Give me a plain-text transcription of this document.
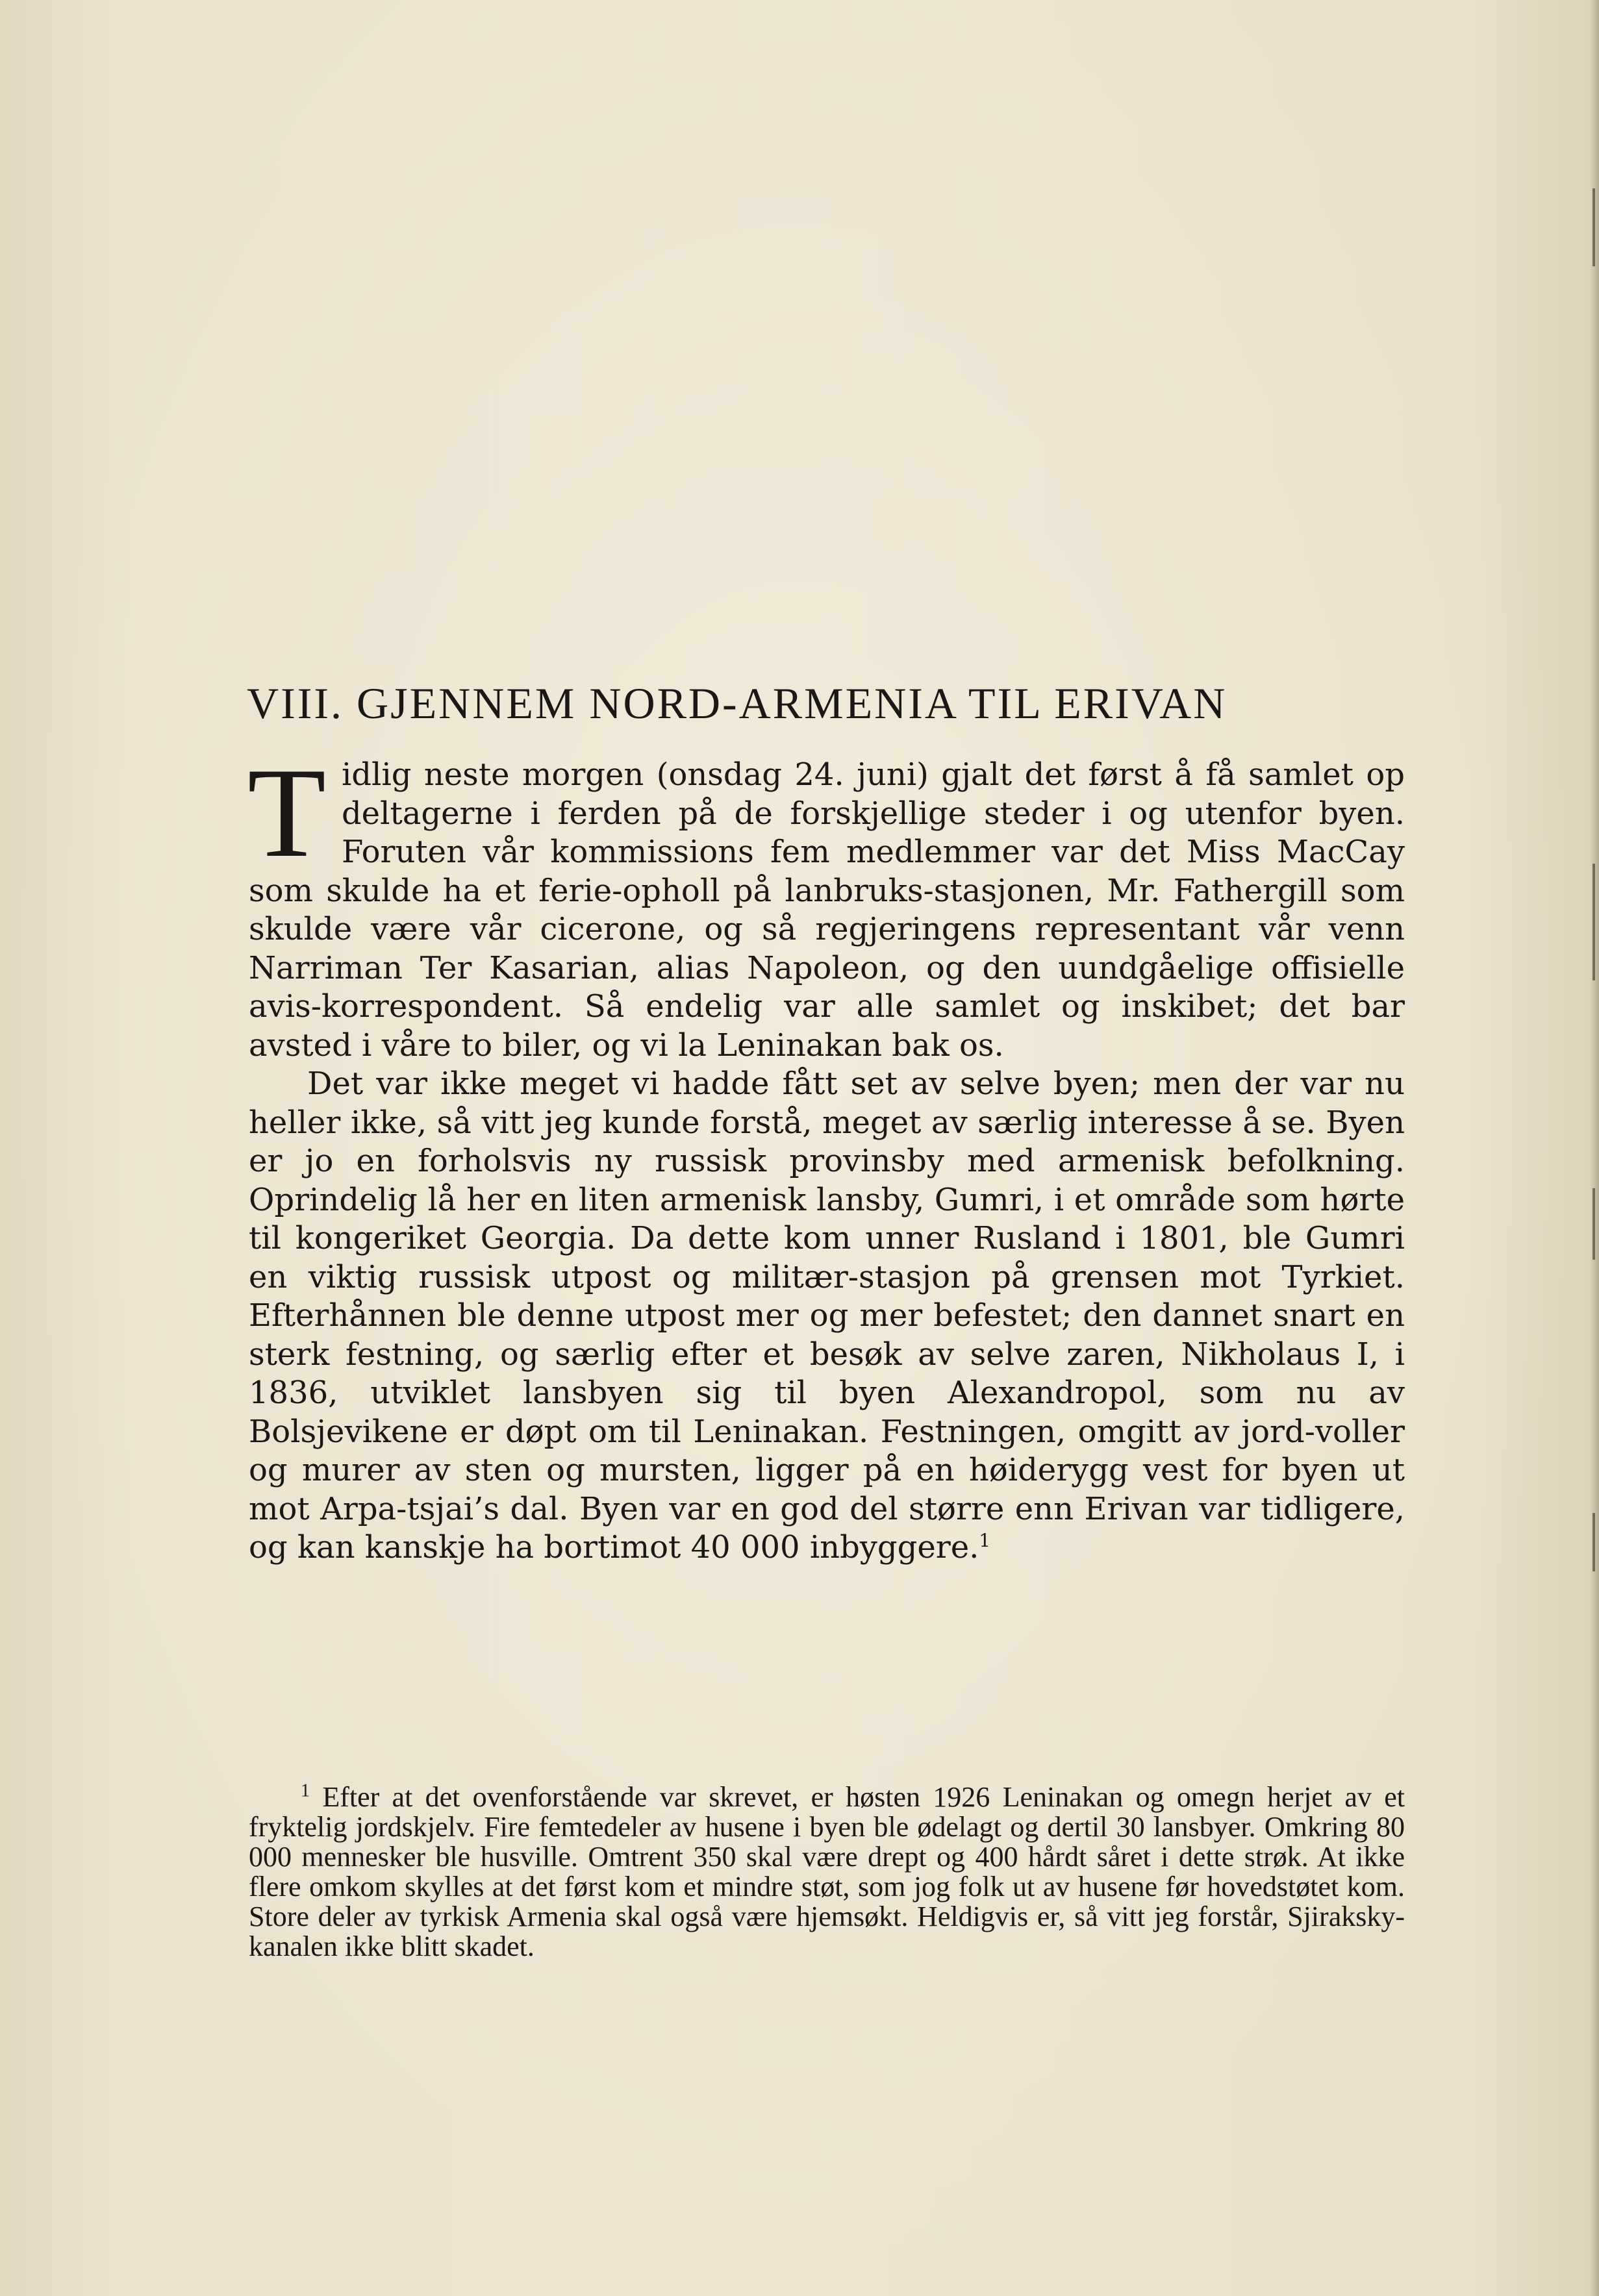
VIII. GJENNEM NORD-ARMENIA TIL ERIVAN

Tidlig neste morgen (onsdag 24. juni) gjalt det først å få samlet op deltagerne i ferden på de forskjellige steder i og utenfor byen. Foruten vår kommissions fem medlemmer var det Miss MacCay som skulde ha et ferie-opholl på lanbruks-stasjonen, Mr. Fathergill som skulde være vår cicerone, og så regjeringens representant vår venn Narriman Ter Kasarian, alias Napoleon, og den uundgåelige offisielle avis-korrespondent. Så endelig var alle samlet og inskibet; det bar avsted i våre to biler, og vi la Leninakan bak os.

Det var ikke meget vi hadde fått set av selve byen; men der var nu heller ikke, så vitt jeg kunde forstå, meget av særlig interesse å se. Byen er jo en forholsvis ny russisk provinsby med armenisk befolkning. Oprindelig lå her en liten armenisk lansby, Gumri, i et område som hørte til kongeriket Georgia. Da dette kom unner Rusland i 1801, ble Gumri en viktig russisk utpost og militær-stasjon på grensen mot Tyrkiet. Efterhånnen ble denne utpost mer og mer befestet; den dannet snart en sterk festning, og særlig efter et besøk av selve zaren, Nikholaus I, i 1836, utviklet lansbyen sig til byen Alexandropol, som nu av Bolsjevikene er døpt om til Leninakan. Festningen, omgitt av jord-voller og murer av sten og mursten, ligger på en høiderygg vest for byen ut mot Arpa-tsjai’s dal. Byen var en god del større enn Erivan var tidligere, og kan kanskje ha bortimot 40 000 inbyggere.$^1$

$^1$ Efter at det ovenforstående var skrevet, er høsten 1926 Leninakan og omegn herjet av et fryktelig jordskjelv. Fire femtedeler av husene i byen ble ødelagt og dertil 30 lansbyer. Omkring 80 000 mennesker ble husville. Omtrent 350 skal være drept og 400 hårdt såret i dette strøk. At ikke flere omkom skylles at det først kom et mindre støt, som jog folk ut av husene før hovedstøtet kom. Store deler av tyrkisk Armenia skal også være hjemsøkt. Heldigvis er, så vitt jeg forstår, Sjiraksky-kanalen ikke blitt skadet.
